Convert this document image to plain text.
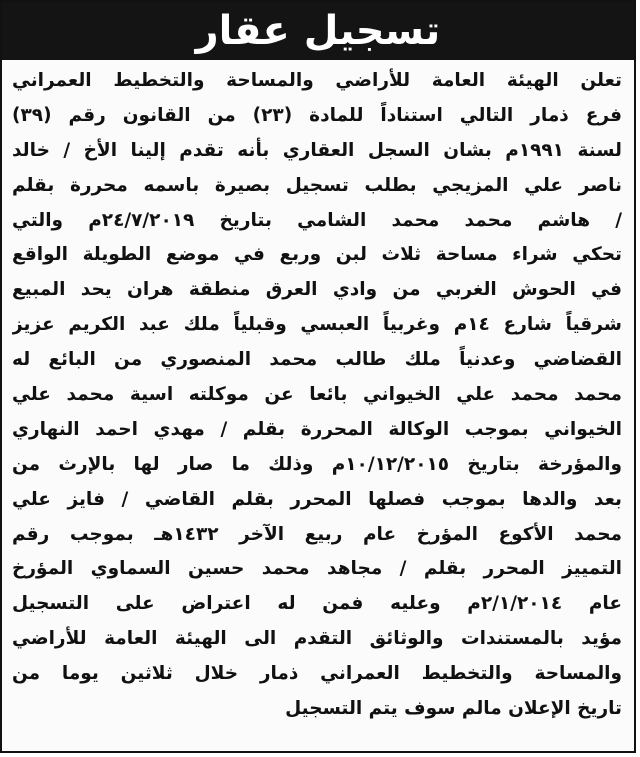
تسجيل عقار
تعلن الهيئة العامة للأراضي والمساحة والتخطيط العمراني
فرع ذمار التالي استناداً للمادة (٢٣) من القانون رقم (٣٩)
لسنة ١٩٩١م بشان السجل العقاري بأنه تقدم إلينا الأخ / خالد
ناصر علي المزيجي بطلب تسجيل بصيرة باسمه محررة بقلم
/ هاشم محمد محمد الشامي بتاريخ ٢٤/٧/٢٠١٩م والتي
تحكي شراء مساحة ثلاث لبن وربع في موضع الطويلة الواقع
في الحوش الغربي من وادي العرق منطقة هران يحد المبيع
شرقياً شارع ١٤م وغربياً العبسي وقبلياً ملك عبد الكريم عزيز
القضاضي وعدنياً ملك طالب محمد المنصوري من البائع له
محمد محمد علي الخيواني بائعا عن موكلته اسية محمد علي
الخيواني بموجب الوكالة المحررة بقلم / مهدي احمد النهاري
والمؤرخة بتاريخ ١٠/١٢/٢٠١٥م وذلك ما صار لها بالإرث من
بعد والدها بموجب فصلها المحرر بقلم القاضي / فايز علي
محمد الأكوع المؤرخ عام ربيع الآخر ١٤٣٢هـ بموجب رقم
التمييز المحرر بقلم / مجاهد محمد حسين السماوي المؤرخ
عام ٢/١/٢٠١٤م وعليه فمن له اعتراض على التسجيل
مؤيد بالمستندات والوثائق التقدم الى الهيئة العامة للأراضي
والمساحة والتخطيط العمراني ذمار خلال ثلاثين يوما من
تاريخ الإعلان مالم سوف يتم التسجيل
